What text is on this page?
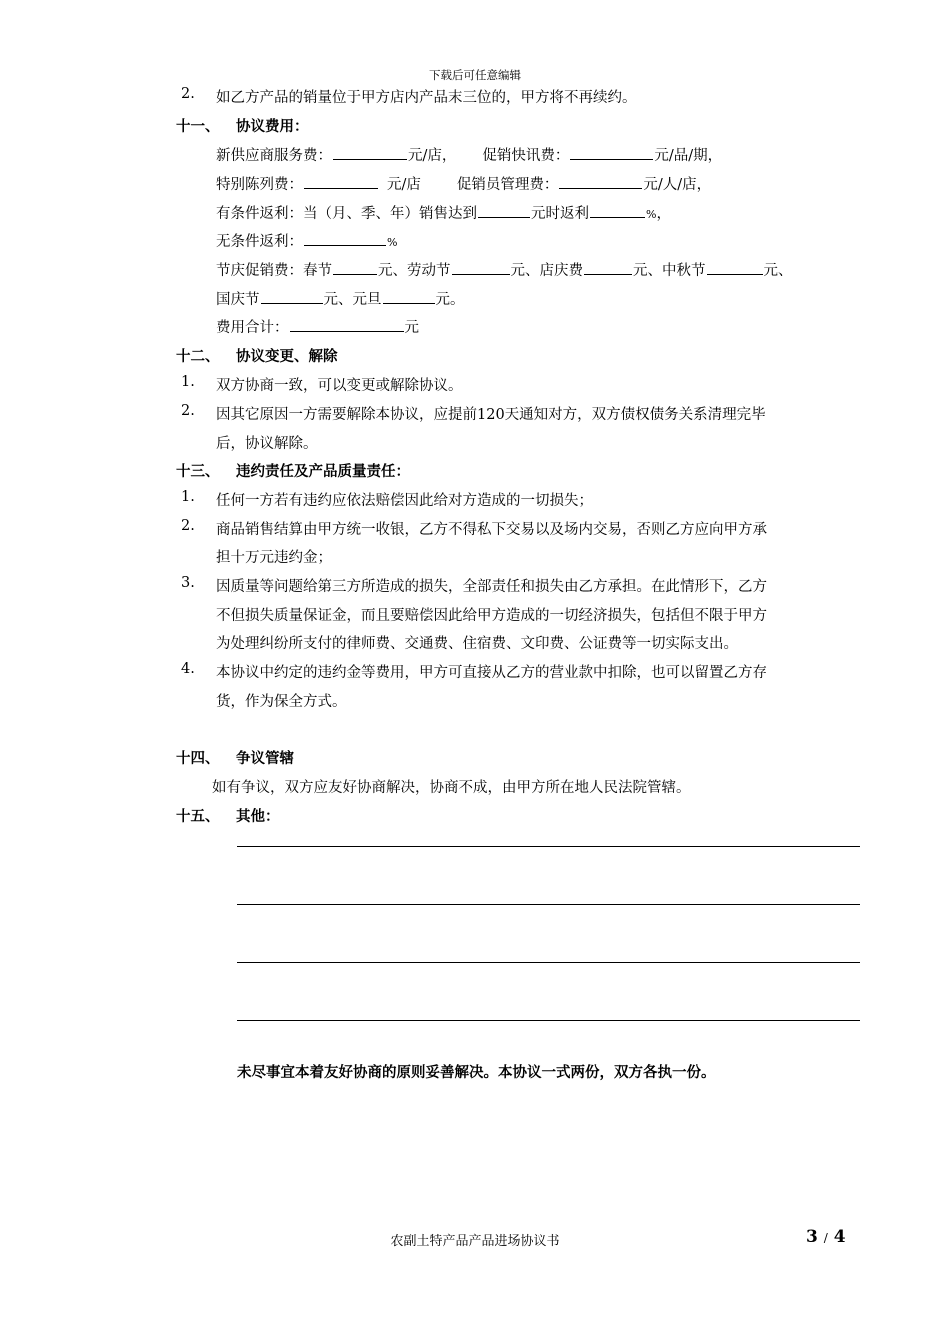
下载后可任意编辑
2.	如乙方产品的销量位于甲方店内产品末三位的，甲方将不再续约。
十一、 协议费用：
新供应商服务费：	元/店， 促销快讯费：	元/品/期，
特别陈列费：	元/店 促销员管理费：	元/人/店，
有条件返利：当（月、季、年）销售达到	元时返利	%，
无条件返利：	%
节庆促销费：春节	元、劳动节	元、店庆费	元、中秋节	元、
国庆节	元、元旦	元。
费用合计：	元
十二、 协议变更、解除
1.	双方协商一致，可以变更或解除协议。
2.	因其它原因一方需要解除本协议，应提前120天通知对方，双方债权债务关系清理完毕
后，协议解除。
十三、 违约责任及产品质量责任：
1.	任何一方若有违约应依法赔偿因此给对方造成的一切损失；
2.	商品销售结算由甲方统一收银，乙方不得私下交易以及场内交易，否则乙方应向甲方承
担十万元违约金；
3.	因质量等问题给第三方所造成的损失，全部责任和损失由乙方承担。在此情形下，乙方
不但损失质量保证金，而且要赔偿因此给甲方造成的一切经济损失，包括但不限于甲方
为处理纠纷所支付的律师费、交通费、住宿费、文印费、公证费等一切实际支出。
4.	本协议中约定的违约金等费用，甲方可直接从乙方的营业款中扣除，也可以留置乙方存
货，作为保全方式。
十四、 争议管辖
如有争议，双方应友好协商解决，协商不成，由甲方所在地人民法院管辖。
十五、 其他：
未尽事宜本着友好协商的原则妥善解决。本协议一式两份，双方各执一份。
农副土特产品产品进场协议书	3 / 4
